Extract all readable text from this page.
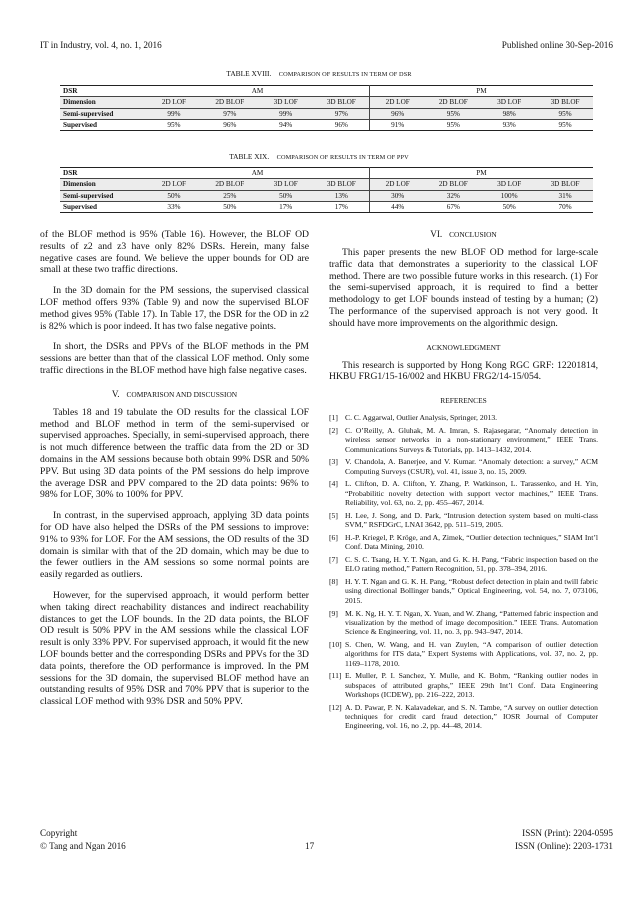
IT in Industry, vol. 4, no. 1, 2016	Published online 30-Sep-2016
TABLE XVIII. COMPARISON OF RESULTS IN TERM OF DSR
DSR	AM				PM			
Dimension	2D LOF	2D BLOF	3D LOF	3D BLOF	2D LOF	2D BLOF	3D LOF	3D BLOF
Semi-supervised	99%	97%	99%	97%	96%	95%	98%	95%
Supervised	95%	96%	94%	96%	91%	95%	93%	95%
TABLE XIX. COMPARISON OF RESULTS IN TERM OF PPV
DSR	AM				PM			
Dimension	2D LOF	2D BLOF	3D LOF	3D BLOF	2D LOF	2D BLOF	3D LOF	3D BLOF
Semi-supervised	50%	25%	50%	13%	30%	32%	100%	31%
Supervised	33%	50%	17%	17%	44%	67%	50%	70%

of the BLOF method is 95% (Table 16). However, the BLOF OD results of z2 and z3 have only 82% DSRs. Herein, many false negative cases are found. We believe the upper bounds for OD are small at these two traffic directions.

In the 3D domain for the PM sessions, the supervised classical LOF method offers 93% (Table 9) and now the supervised BLOF method gives 95% (Table 17). In Table 17, the DSR for the OD in z2 is 82% which is poor indeed. It has two false negative points.

In short, the DSRs and PPVs of the BLOF methods in the PM sessions are better than that of the classical LOF method. Only some traffic directions in the BLOF method have high false negative cases.

V. COMPARISON AND DISCUSSION

Tables 18 and 19 tabulate the OD results for the classical LOF method and BLOF method in term of the semi-supervised or supervised approaches. Specially, in semi-supervised approach, there is not much difference between the traffic data from the 2D or 3D domains in the AM sessions because both obtain 99% DSR and 50% PPV. But using 3D data points of the PM sessions do help improve the average DSR and PPV compared to the 2D data points: 96% to 98% for LOF, 30% to 100% for PPV.

In contrast, in the supervised approach, applying 3D data points for OD have also helped the DSRs of the PM sessions to improve: 91% to 93% for LOF. For the AM sessions, the OD results of the 3D domain is similar with that of the 2D domain, which may be due to the fewer outliers in the AM sessions so some normal points are easily regarded as outliers.

However, for the supervised approach, it would perform better when taking direct reachability distances and indirect reachability distances to get the LOF bounds. In the 2D data points, the BLOF OD result is 50% PPV in the AM sessions while the classical LOF result is only 33% PPV. For supervised approach, it would fit the new LOF bounds better and the corresponding DSRs and PPVs for the 3D data points, therefore the OD performance is improved. In the PM sessions for the 3D domain, the supervised BLOF method have an outstanding results of 95% DSR and 70% PPV that is superior to the classical LOF method with 93% DSR and 50% PPV.

VI. CONCLUSION

This paper presents the new BLOF OD method for large-scale traffic data that demonstrates a superiority to the classical LOF method. There are two possible future works in this research. (1) For the semi-supervised approach, it is required to find a better methodology to get LOF bounds instead of testing by a human; (2) The performance of the supervised approach is not very good. It should have more improvements on the algorithmic design.

ACKNOWLEDGMENT

This research is supported by Hong Kong RGC GRF: 12201814, HKBU FRG1/15-16/002 and HKBU FRG2/14-15/054.

REFERENCES
[1] C. C. Aggarwal, Outlier Analysis, Springer, 2013.
[2] C. O’Reilly, A. Gluhak, M. A. Imran, S. Rajasegarar, “Anomaly detection in wireless sensor networks in a non-stationary environment,” IEEE Trans. Communications Surveys & Tutorials, pp. 1413–1432, 2014.
[3] V. Chandola, A. Banerjee, and V. Kumar. “Anomaly detection: a survey,” ACM Computing Surveys (CSUR), vol. 41, issue 3, no. 15, 2009.
[4] L. Clifton, D. A. Clifton, Y. Zhang, P. Watkinson, L. Tarassenko, and H. Yin, “Probabilitic novelty detection with support vector machines,” IEEE Trans. Reliability, vol. 63, no. 2, pp. 455–467, 2014.
[5] H. Lee, J. Song, and D. Park, “Intrusion detection system based on multi-class SVM,” RSFDGrC, LNAI 3642, pp. 511–519, 2005.
[6] H.-P. Kriegel, P. Kröge, and A, Zimek, “Outlier detection techniques,” SIAM Int’l Conf. Data Mining, 2010.
[7] C. S. C. Tsang, H. Y. T. Ngan, and G. K. H. Pang, “Fabric inspection based on the ELO rating method,” Pattern Recognition, 51, pp. 378–394, 2016.
[8] H. Y. T. Ngan and G. K. H. Pang, “Robust defect detection in plain and twill fabric using directional Bollinger bands,” Optical Engineering, vol. 54, no. 7, 073106, 2015.
[9] M. K. Ng, H. Y. T. Ngan, X. Yuan, and W. Zhang, “Patterned fabric inspection and visualization by the method of image decomposition.” IEEE Trans. Automation Science & Engineering, vol. 11, no. 3, pp. 943–947, 2014.
[10] S. Chen, W. Wang, and H. van Zuylen, “A comparison of outlier detection algorithms for ITS data,” Expert Systems with Applications, vol. 37, no. 2, pp. 1169–1178, 2010.
[11] E. Muller, P. I. Sanchez, Y. Mulle, and K. Bohm, “Ranking outlier nodes in subspaces of attributed graphs,” IEEE 29th Int’l Conf. Data Engineering Workshops (ICDEW), pp. 216–222, 2013.
[12] A. D. Pawar, P. N. Kalavadekar, and S. N. Tambe, “A survey on outlier detection techniques for credit card fraud detection,” IOSR Journal of Computer Engineering, vol. 16, no .2, pp. 44–48, 2014.
Copyright
© Tang and Ngan 2016	17
ISSN (Print): 2204-0595
ISSN (Online): 2203-1731
